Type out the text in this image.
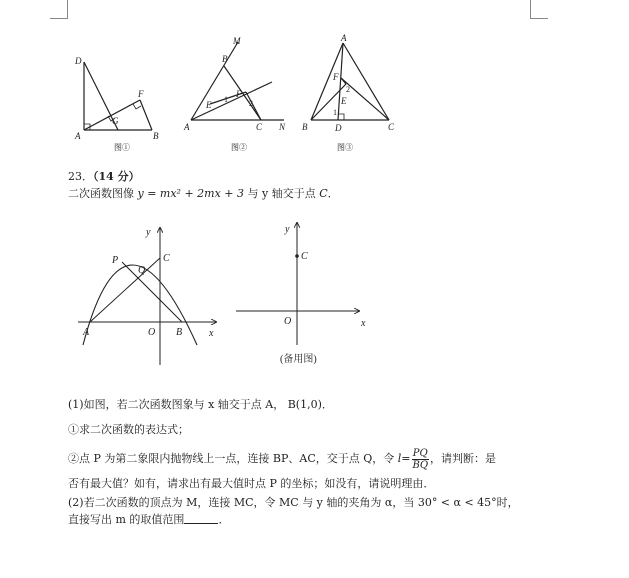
D
A	B
G
F
图①
M
B
E
F
A	C N
1	2
图②
A
F
E
B	D	C
1
2
图③
23．（14 分）
二次函数图像 y = mx² + 2mx + 3 与 y 轴交于点 C．
y
x
P
Q
C
A	O B
y
x
C
O
(备用图)
(1)如图，若二次函数图象与 x 轴交于点 A， B(1,0)．
①求二次函数的表达式；
②点 P 为第二象限内抛物线上一点，连接 BP、AC，交于点 Q，令 $l= \frac{PQ}{BQ}$ ，请判断：是
否有最大值？如有，请求出有最大值时点 P 的坐标；如没有，请说明理由．
(2)若二次函数的顶点为 M，连接 MC，令 MC 与 y 轴的夹角为 α，当 30° < α < 45°时，
直接写出 m 的取值范围	．
